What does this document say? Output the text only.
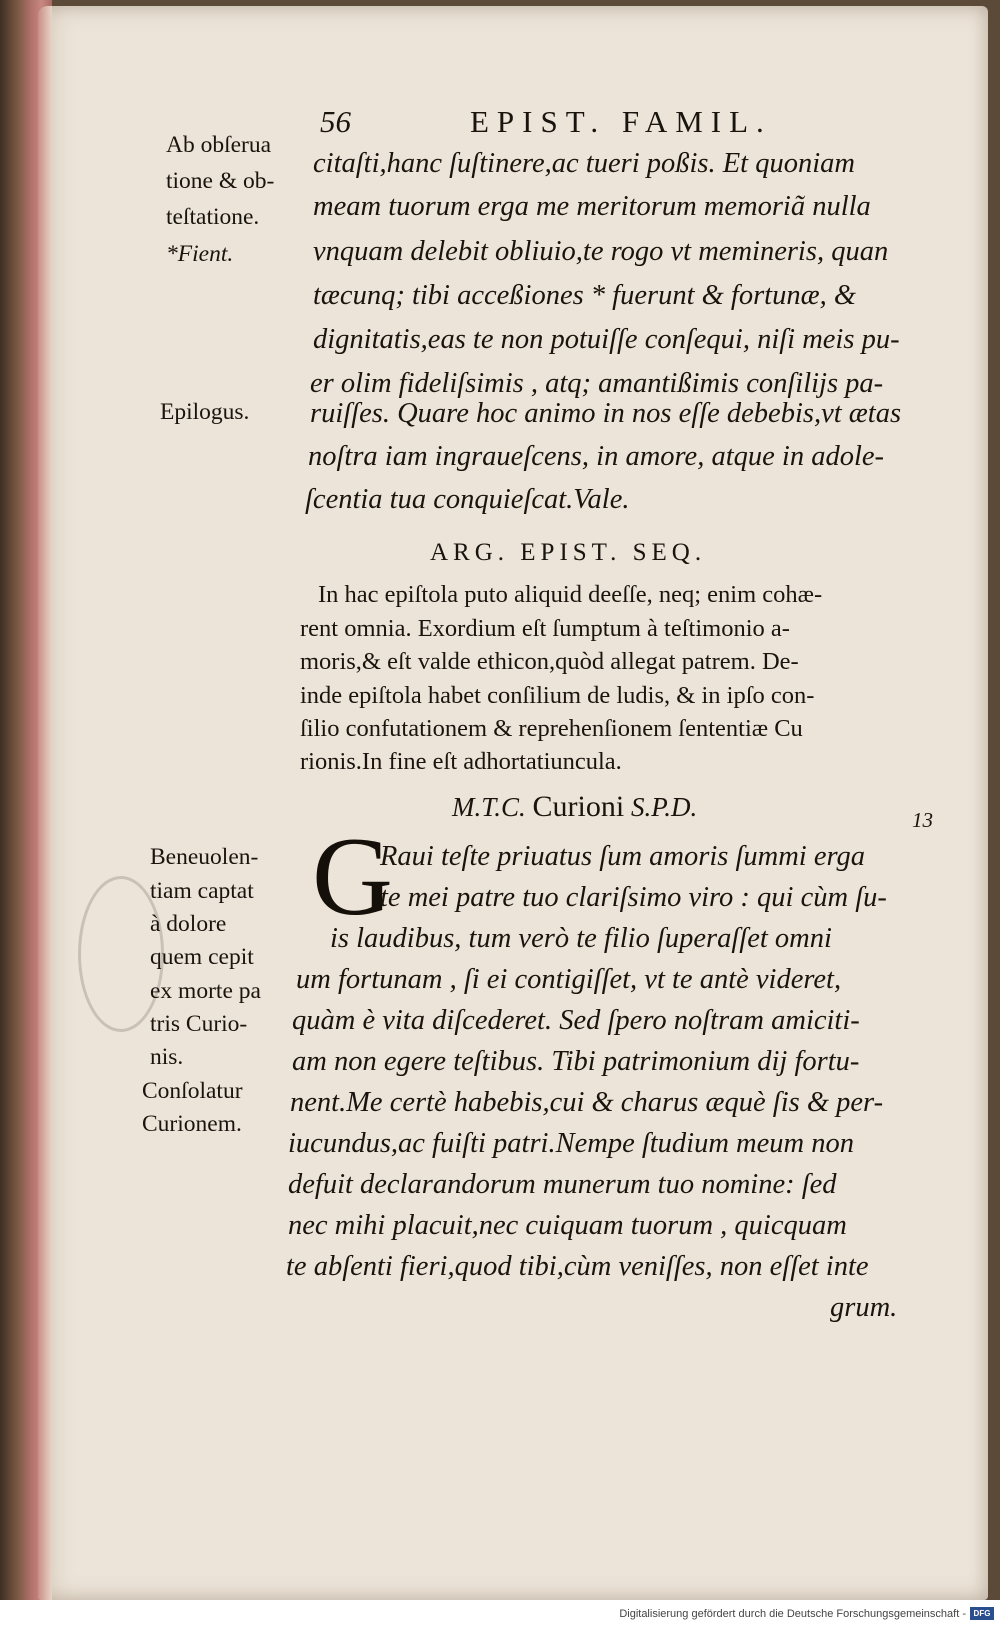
56	EPIST. FAMIL.
Ab obſerua
tione & ob-
teſtatione.
*Fient.
Epilogus.
Beneuolen-
tiam captat
à dolore
quem cepit
ex morte pa
tris Curio-
nis.
Conſolatur
Curionem.
citaſti,hanc ſuſtinere,ac tueri poßis. Et quoniam
meam tuorum erga me meritorum memoriã nulla
vnquam delebit obliuio,te rogo vt memineris, quan
tæcunq; tibi acceßiones * fuerunt & fortunæ, &
dignitatis,eas te non potuiſſe conſequi, niſi meis pu-
er olim fideliſsimis , atq; amantißimis conſilijs pa-
ruiſſes. Quare hoc animo in nos eſſe debebis,vt ætas
noſtra iam ingraueſcens, in amore, atque in adole-
ſcentia tua conquieſcat.Vale.
ARG. EPIST. SEQ.
In hac epiſtola puto aliquid deeſſe, neq; enim cohæ-
rent omnia. Exordium eſt ſumptum à teſtimonio a-
moris,& eſt valde ethicon,quòd allegat patrem. De-
inde epiſtola habet conſilium de ludis, & in ipſo con-
ſilio confutationem & reprehenſionem ſententiæ Cu
rionis.In fine eſt adhortatiuncula.
M.T.C. Curioni S.P.D.	13
G
Raui teſte priuatus ſum amoris ſummi erga
te mei patre tuo clariſsimo viro : qui cùm ſu-
is laudibus, tum verò te filio ſuperaſſet omni
um fortunam , ſi ei contigiſſet, vt te antè videret,
quàm è vita diſcederet. Sed ſpero noſtram amiciti-
am non egere teſtibus. Tibi patrimonium dij fortu-
nent.Me certè habebis,cui & charus æquè ſis & per-
iucundus,ac fuiſti patri.Nempe ſtudium meum non
defuit declarandorum munerum tuo nomine: ſed
nec mihi placuit,nec cuiquam tuorum , quicquam
te abſenti fieri,quod tibi,cùm veniſſes, non eſſet inte
grum.
Digitalisierung gefördert durch die Deutsche Forschungsgemeinschaft - DFG
